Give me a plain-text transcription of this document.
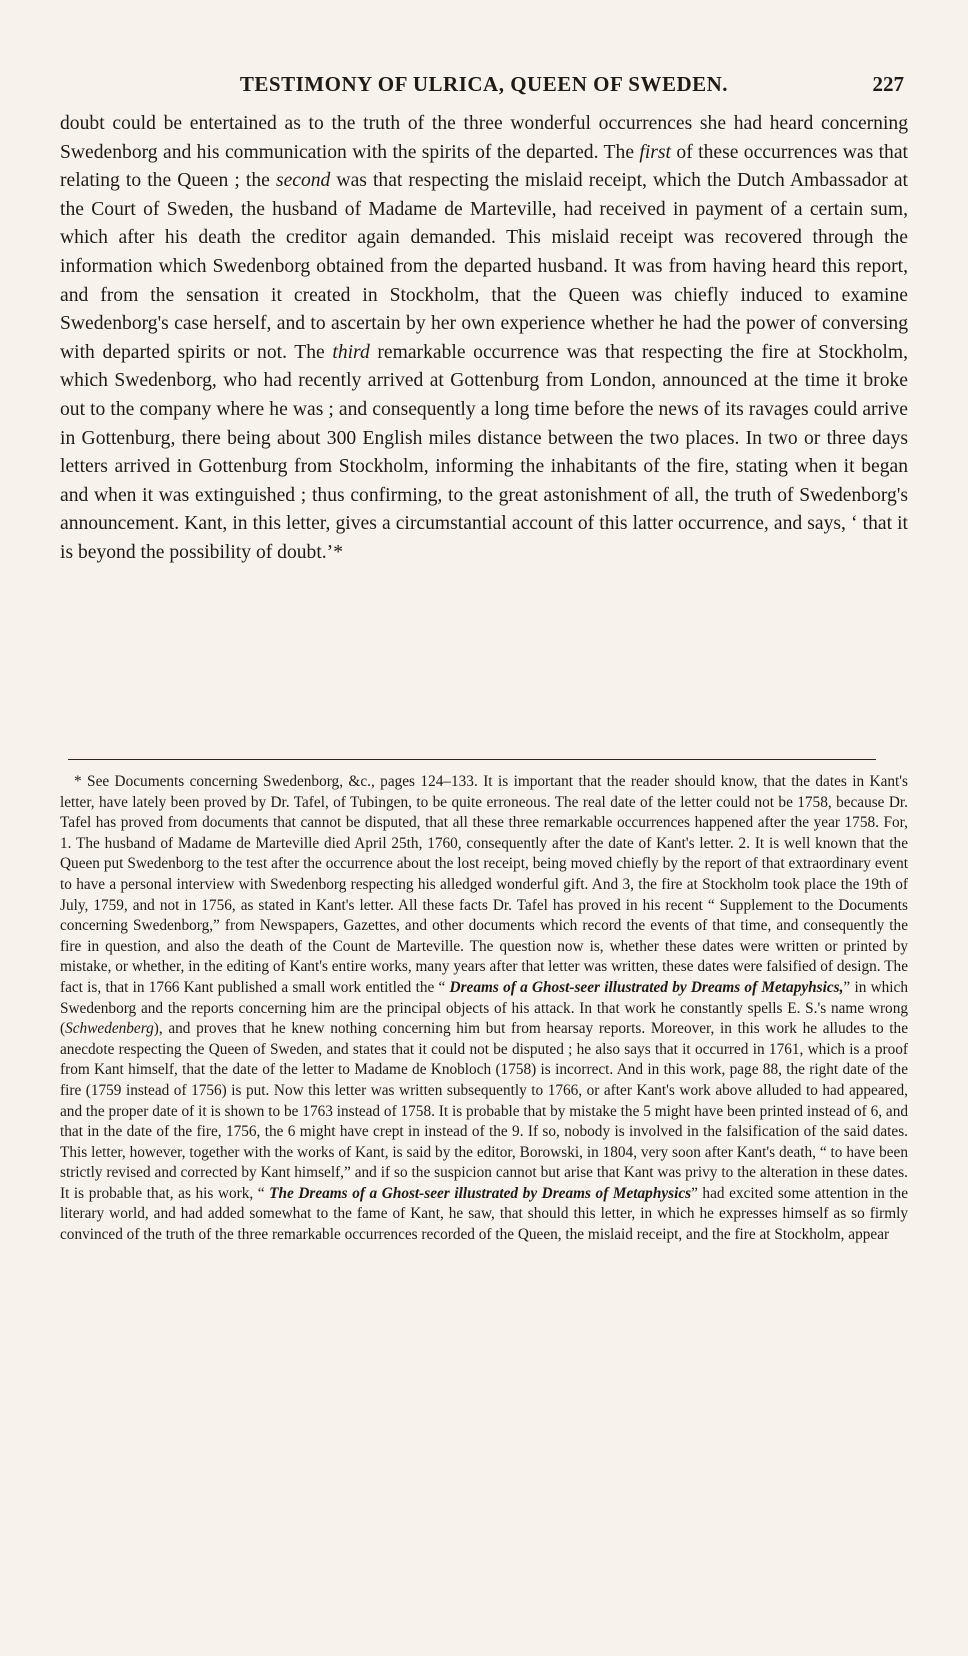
TESTIMONY OF ULRICA, QUEEN OF SWEDEN.	227

doubt could be entertained as to the truth of the three wonderful occurrences she had heard concerning Swedenborg and his communication with the spirits of the departed. The first of these occurrences was that relating to the Queen ; the second was that respecting the mislaid receipt, which the Dutch Ambassador at the Court of Sweden, the husband of Madame de Marteville, had received in payment of a certain sum, which after his death the creditor again demanded. This mislaid receipt was recovered through the information which Swedenborg obtained from the departed husband. It was from having heard this report, and from the sensation it created in Stockholm, that the Queen was chiefly induced to examine Swedenborg's case herself, and to ascertain by her own experience whether he had the power of conversing with departed spirits or not. The third remarkable occurrence was that respecting the fire at Stockholm, which Swedenborg, who had recently arrived at Gottenburg from London, announced at the time it broke out to the company where he was ; and consequently a long time before the news of its ravages could arrive in Gottenburg, there being about 300 English miles distance between the two places. In two or three days letters arrived in Gottenburg from Stockholm, informing the inhabitants of the fire, stating when it began and when it was extinguished ; thus confirming, to the great astonishment of all, the truth of Swedenborg's announcement. Kant, in this letter, gives a circumstantial account of this latter occurrence, and says, ‘ that it is beyond the possibility of doubt.’*

* See Documents concerning Swedenborg, &c., pages 124–133. It is important that the reader should know, that the dates in Kant's letter, have lately been proved by Dr. Tafel, of Tubingen, to be quite erroneous. The real date of the letter could not be 1758, because Dr. Tafel has proved from documents that cannot be disputed, that all these three remarkable occurrences happened after the year 1758. For, 1. The husband of Madame de Marteville died April 25th, 1760, consequently after the date of Kant's letter. 2. It is well known that the Queen put Swedenborg to the test after the occurrence about the lost receipt, being moved chiefly by the report of that extraordinary event to have a personal interview with Swedenborg respecting his alledged wonderful gift. And 3, the fire at Stockholm took place the 19th of July, 1759, and not in 1756, as stated in Kant's letter. All these facts Dr. Tafel has proved in his recent “ Supplement to the Documents concerning Swedenborg,” from Newspapers, Gazettes, and other documents which record the events of that time, and consequently the fire in question, and also the death of the Count de Marteville. The question now is, whether these dates were written or printed by mistake, or whether, in the editing of Kant's entire works, many years after that letter was written, these dates were falsified of design. The fact is, that in 1766 Kant published a small work entitled the “ Dreams of a Ghost-seer illustrated by Dreams of Metapyhsics,” in which Swedenborg and the reports concerning him are the principal objects of his attack. In that work he constantly spells E. S.'s name wrong (Schwedenberg), and proves that he knew nothing concerning him but from hearsay reports. Moreover, in this work he alludes to the anecdote respecting the Queen of Sweden, and states that it could not be disputed ; he also says that it occurred in 1761, which is a proof from Kant himself, that the date of the letter to Madame de Knobloch (1758) is incorrect. And in this work, page 88, the right date of the fire (1759 instead of 1756) is put. Now this letter was written subsequently to 1766, or after Kant's work above alluded to had appeared, and the proper date of it is shown to be 1763 instead of 1758. It is probable that by mistake the 5 might have been printed instead of 6, and that in the date of the fire, 1756, the 6 might have crept in instead of the 9. If so, nobody is involved in the falsification of the said dates. This letter, however, together with the works of Kant, is said by the editor, Borowski, in 1804, very soon after Kant's death, “ to have been strictly revised and corrected by Kant himself,” and if so the suspicion cannot but arise that Kant was privy to the alteration in these dates. It is probable that, as his work, “ The Dreams of a Ghost-seer illustrated by Dreams of Metaphysics” had excited some attention in the literary world, and had added somewhat to the fame of Kant, he saw, that should this letter, in which he expresses himself as so firmly convinced of the truth of the three remarkable occurrences recorded of the Queen, the mislaid receipt, and the fire at Stockholm, appear
